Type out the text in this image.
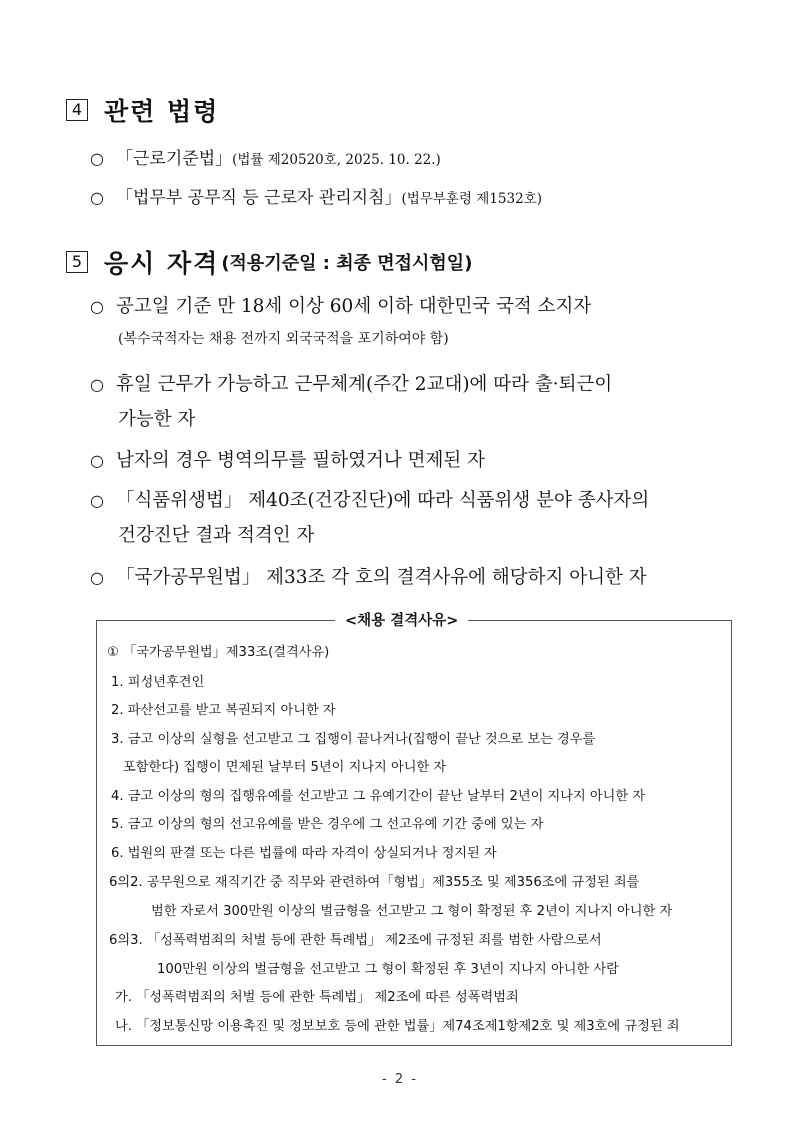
4 관련 법령
○ 「근로기준법」(법률 제20520호, 2025. 10. 22.)
○ 「법무부 공무직 등 근로자 관리지침」(법무부훈령 제1532호)
5 응시 자격 (적용기준일 : 최종 면접시험일)
○ 공고일 기준 만 18세 이상 60세 이하 대한민국 국적 소지자
(복수국적자는 채용 전까지 외국국적을 포기하여야 함)
○ 휴일 근무가 가능하고 근무체계(주간 2교대)에 따라 출·퇴근이
가능한 자
○ 남자의 경우 병역의무를 필하였거나 면제된 자
○ 「식품위생법」 제40조(건강진단)에 따라 식품위생 분야 종사자의
건강진단 결과 적격인 자
○ 「국가공무원법」 제33조 각 호의 결격사유에 해당하지 아니한 자
<채용 결격사유>
① 「국가공무원법」제33조(결격사유)
1. 피성년후견인
2. 파산선고를 받고 복권되지 아니한 자
3. 금고 이상의 실형을 선고받고 그 집행이 끝나거나(집행이 끝난 것으로 보는 경우를
포함한다) 집행이 면제된 날부터 5년이 지나지 아니한 자
4. 금고 이상의 형의 집행유예를 선고받고 그 유예기간이 끝난 날부터 2년이 지나지 아니한 자
5. 금고 이상의 형의 선고유예를 받은 경우에 그 선고유예 기간 중에 있는 자
6. 법원의 판결 또는 다른 법률에 따라 자격이 상실되거나 정지된 자
6의2. 공무원으로 재직기간 중 직무와 관련하여「형법」제355조 및 제356조에 규정된 죄를
범한 자로서 300만원 이상의 벌금형을 선고받고 그 형이 확정된 후 2년이 지나지 아니한 자
6의3. 「성폭력범죄의 처벌 등에 관한 특례법」 제2조에 규정된 죄를 범한 사람으로서
100만원 이상의 벌금형을 선고받고 그 형이 확정된 후 3년이 지나지 아니한 사람
가. 「성폭력범죄의 처벌 등에 관한 특례법」 제2조에 따른 성폭력범죄
나. 「정보통신망 이용촉진 및 정보보호 등에 관한 법률」제74조제1항제2호 및 제3호에 규정된 죄
- 2 -
